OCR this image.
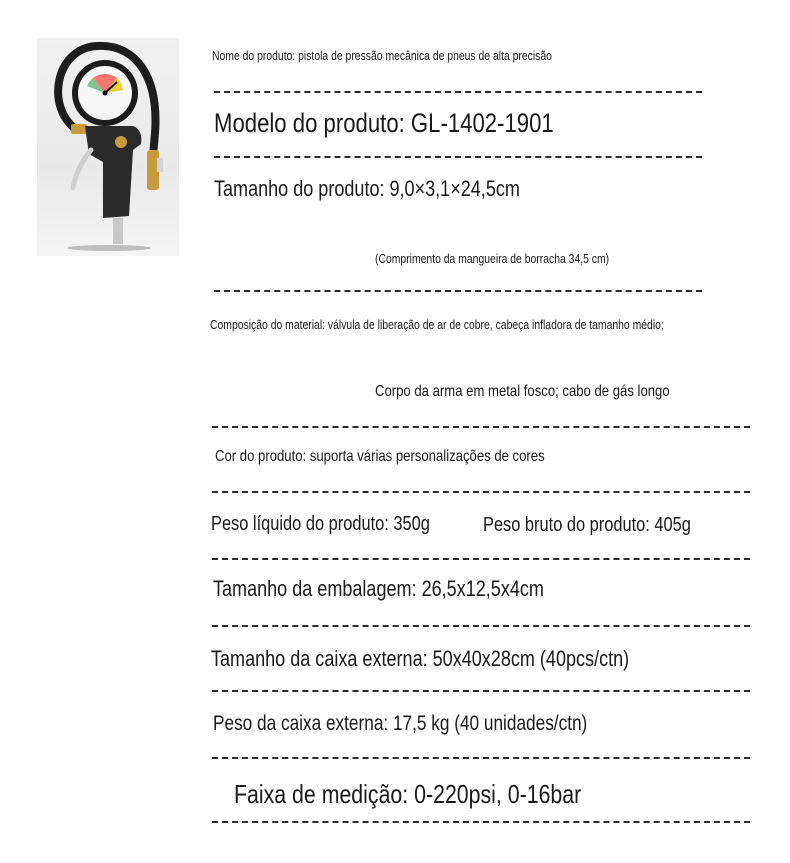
Nome do produto: pistola de pressão mecânica de pneus de alta precisão
Modelo do produto: GL-1402-1901
Tamanho do produto: 9,0×3,1×24,5cm
(Comprimento da mangueira de borracha 34,5 cm)
Composição do material: válvula de liberação de ar de cobre, cabeça infladora de tamanho médio;
Corpo da arma em metal fosco; cabo de gás longo
Cor do produto: suporta várias personalizações de cores
Peso líquido do produto: 350g	Peso bruto do produto: 405g
Tamanho da embalagem: 26,5x12,5x4cm
Tamanho da caixa externa: 50x40x28cm (40pcs/ctn)
Peso da caixa externa: 17,5 kg (40 unidades/ctn)
Faixa de medição: 0-220psi, 0-16bar
